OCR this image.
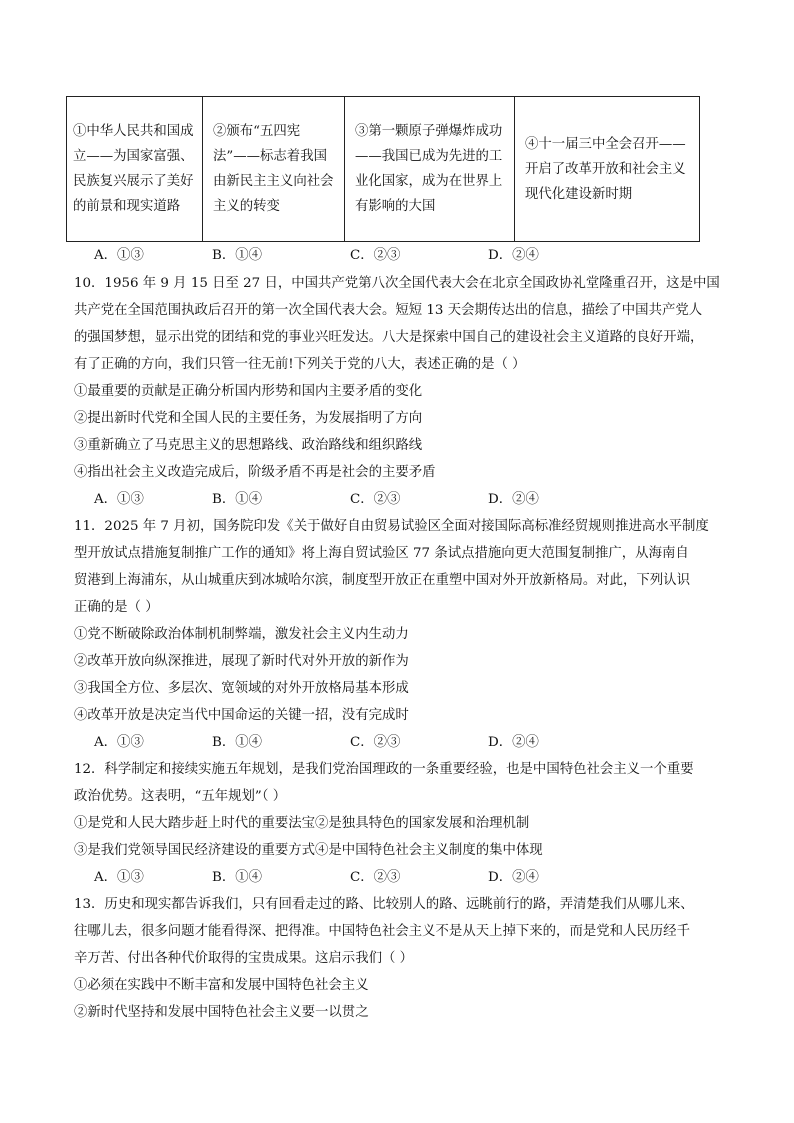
①中华人民共和国成立——为国家富强、民族复兴展示了美好的前景和现实道路	②颁布“五四宪法”——标志着我国由新民主主义向社会主义的转变	③第一颗原子弹爆炸成功——我国已成为先进的工业化国家，成为在世界上有影响的大国	④十一届三中全会召开——开启了改革开放和社会主义现代化建设新时期
A．①③	B．①④	C．②③	D．②④
10．1956 年 9 月 15 日至 27 日，中国共产党第八次全国代表大会在北京全国政协礼堂隆重召开，这是中国
共产党在全国范围执政后召开的第一次全国代表大会。短短 13 天会期传达出的信息，描绘了中国共产党人
的强国梦想，显示出党的团结和党的事业兴旺发达。八大是探索中国自己的建设社会主义道路的良好开端，
有了正确的方向，我们只管一往无前!下列关于党的八大，表述正确的是（ ）
①最重要的贡献是正确分析国内形势和国内主要矛盾的变化
②提出新时代党和全国人民的主要任务，为发展指明了方向
③重新确立了马克思主义的思想路线、政治路线和组织路线
④指出社会主义改造完成后，阶级矛盾不再是社会的主要矛盾
A．①③	B．①④	C．②③	D．②④
11．2025 年 7 月初，国务院印发《关于做好自由贸易试验区全面对接国际高标准经贸规则推进高水平制度
型开放试点措施复制推广工作的通知》将上海自贸试验区 77 条试点措施向更大范围复制推广，从海南自
贸港到上海浦东，从山城重庆到冰城哈尔滨，制度型开放正在重塑中国对外开放新格局。对此，下列认识
正确的是（ ）
①党不断破除政治体制机制弊端，激发社会主义内生动力
②改革开放向纵深推进，展现了新时代对外开放的新作为
③我国全方位、多层次、宽领域的对外开放格局基本形成
④改革开放是决定当代中国命运的关键一招，没有完成时
A．①③	B．①④	C．②③	D．②④
12．科学制定和接续实施五年规划，是我们党治国理政的一条重要经验，也是中国特色社会主义一个重要
政治优势。这表明，“五年规划”（ ）
①是党和人民大踏步赶上时代的重要法宝②是独具特色的国家发展和治理机制
③是我们党领导国民经济建设的重要方式④是中国特色社会主义制度的集中体现
A．①③	B．①④	C．②③	D．②④
13．历史和现实都告诉我们，只有回看走过的路、比较别人的路、远眺前行的路，弄清楚我们从哪儿来、
往哪儿去，很多问题才能看得深、把得准。中国特色社会主义不是从天上掉下来的，而是党和人民历经千
辛万苦、付出各种代价取得的宝贵成果。这启示我们（ ）
①必须在实践中不断丰富和发展中国特色社会主义
②新时代坚持和发展中国特色社会主义要一以贯之
